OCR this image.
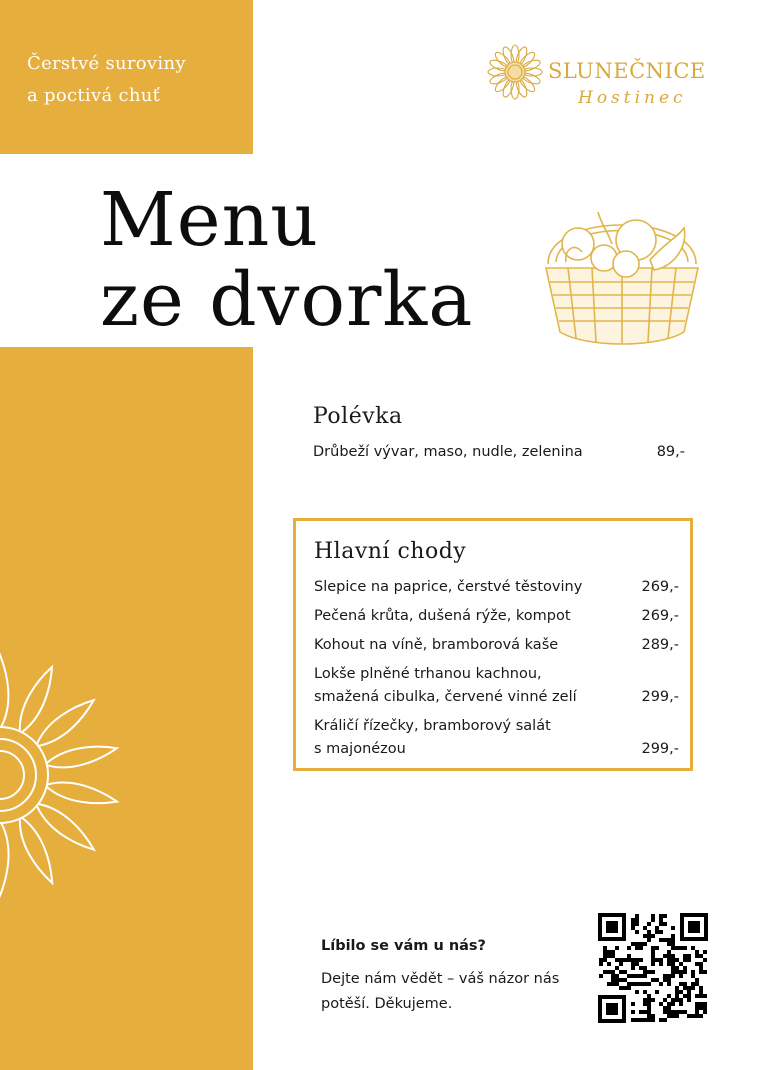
Čerstvé suroviny
a poctivá chuť
SLUNEČNICE
Hostinec
Menu
ze dvorka
Polévka
Drůbeží vývar, maso, nudle, zelenina	89,-
Hlavní chody
Slepice na paprice, čerstvé těstoviny	269,-
Pečená krůta, dušená rýže, kompot	269,-
Kohout na víně, bramborová kaše	289,-
Lokše plněné trhanou kachnou,
smažená cibulka, červené vinné zelí	299,-
Králičí řízečky, bramborový salát
s majonézou	299,-
Líbilo se vám u nás?
Dejte nám vědět – váš názor nás
potěší. Děkujeme.
